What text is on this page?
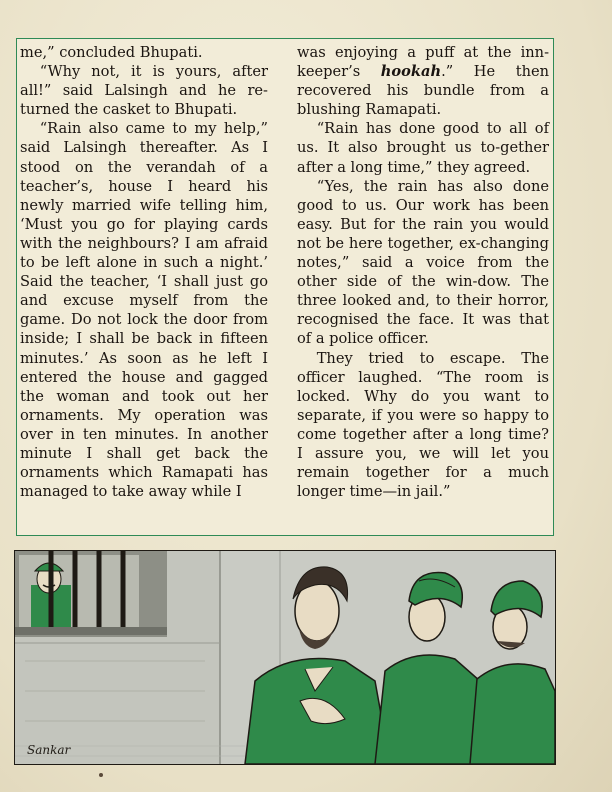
me,” concluded Bhupati.

“Why not, it is yours, after all!” said Lalsingh and he re-turned the casket to Bhupati.

“Rain also came to my help,” said Lalsingh thereafter. As I stood on the verandah of a teacher’s, house I heard his newly married wife telling him, ‘Must you go for playing cards with the neighbours? I am afraid to be left alone in such a night.’ Said the teacher, ‘I shall just go and excuse myself from the game. Do not lock the door from inside; I shall be back in fifteen minutes.’ As soon as he left I entered the house and gagged the woman and took out her ornaments. My operation was over in ten minutes. In another minute I shall get back the ornaments which Ramapati has managed to take away while I

was enjoying a puff at the inn-keeper’s hookah.” He then recovered his bundle from a blushing Ramapati.

“Rain has done good to all of us. It also brought us to-gether after a long time,” they agreed.

“Yes, the rain has also done good to us. Our work has been easy. But for the rain you would not be here together, ex-changing notes,” said a voice from the other side of the win-dow. The three looked and, to their horror, recognised the face. It was that of a police officer.

They tried to escape. The officer laughed. “The room is locked. Why do you want to separate, if you were so happy to come together after a long time? I assure you, we will let you remain together for a much longer time—in jail.”

Sankar
